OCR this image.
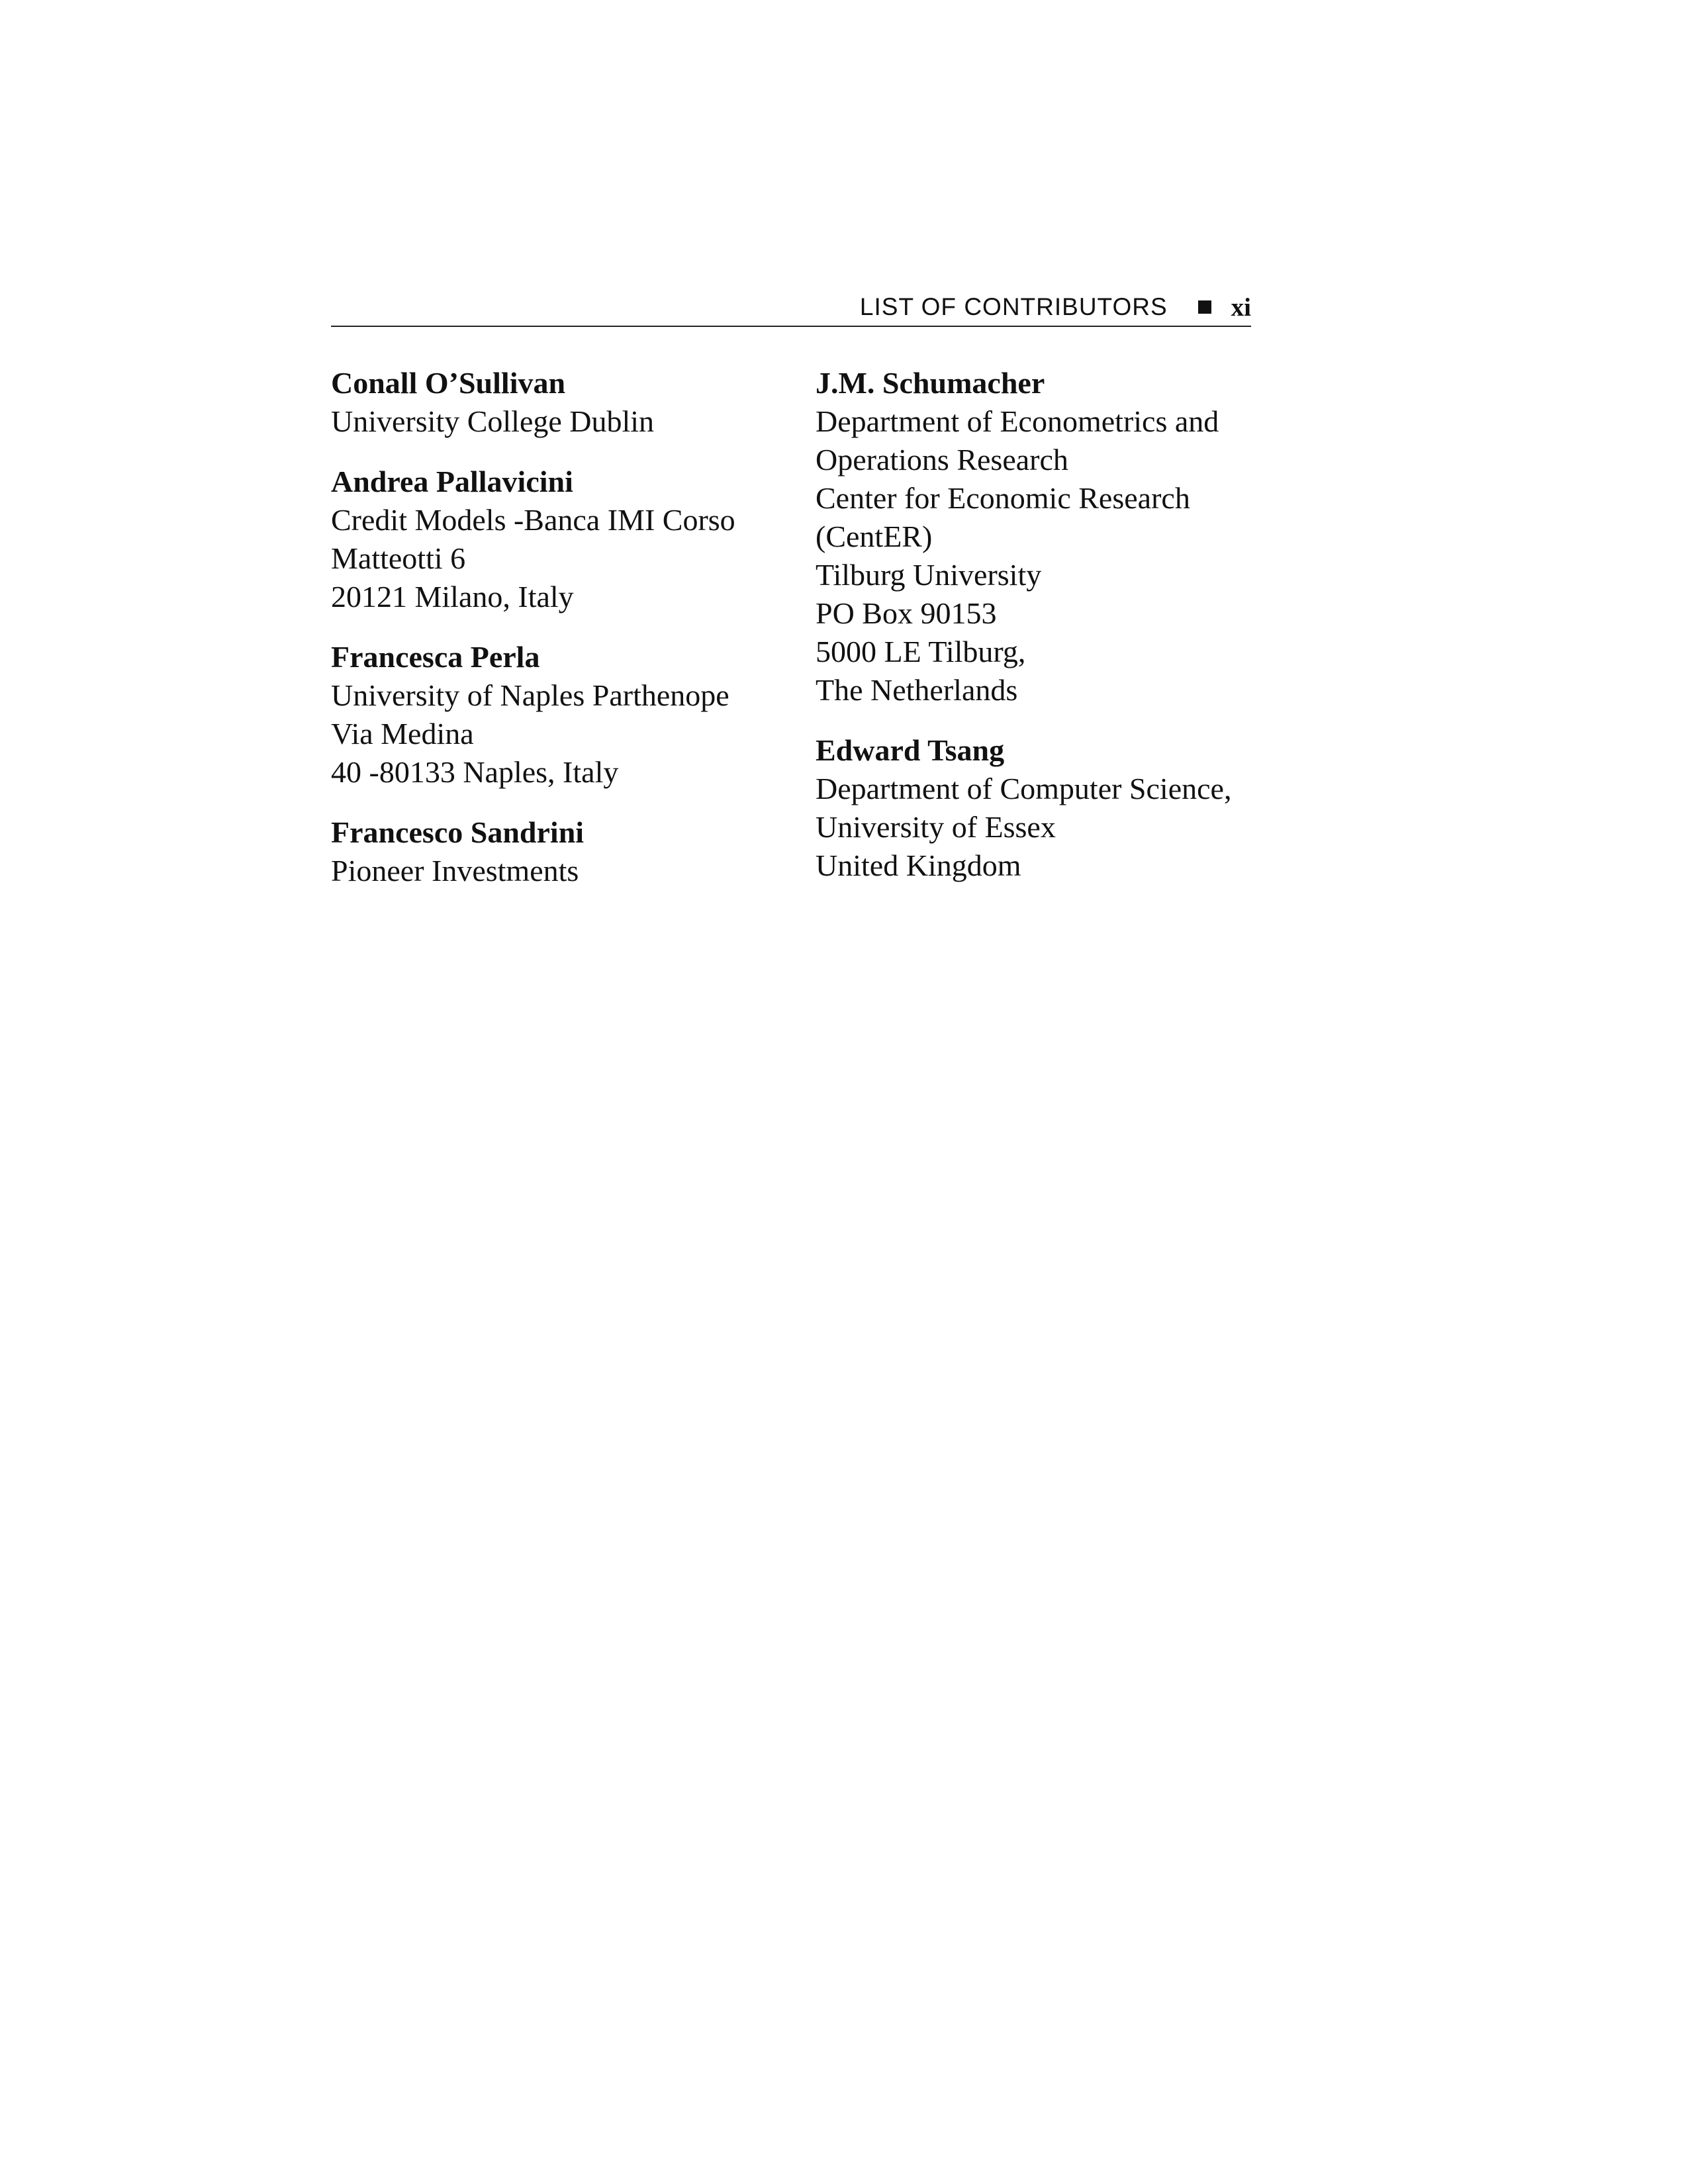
LIST OF CONTRIBUTORS xi
Conall O’Sullivan
University College Dublin
Andrea Pallavicini
Credit Models -Banca IMI Corso
Matteotti 6
20121 Milano, Italy
Francesca Perla
University of Naples Parthenope
Via Medina
40 -80133 Naples, Italy
Francesco Sandrini
Pioneer Investments
J.M. Schumacher
Department of Econometrics and
Operations Research
Center for Economic Research
(CentER)
Tilburg University
PO Box 90153
5000 LE Tilburg,
The Netherlands
Edward Tsang
Department of Computer Science,
University of Essex
United Kingdom
